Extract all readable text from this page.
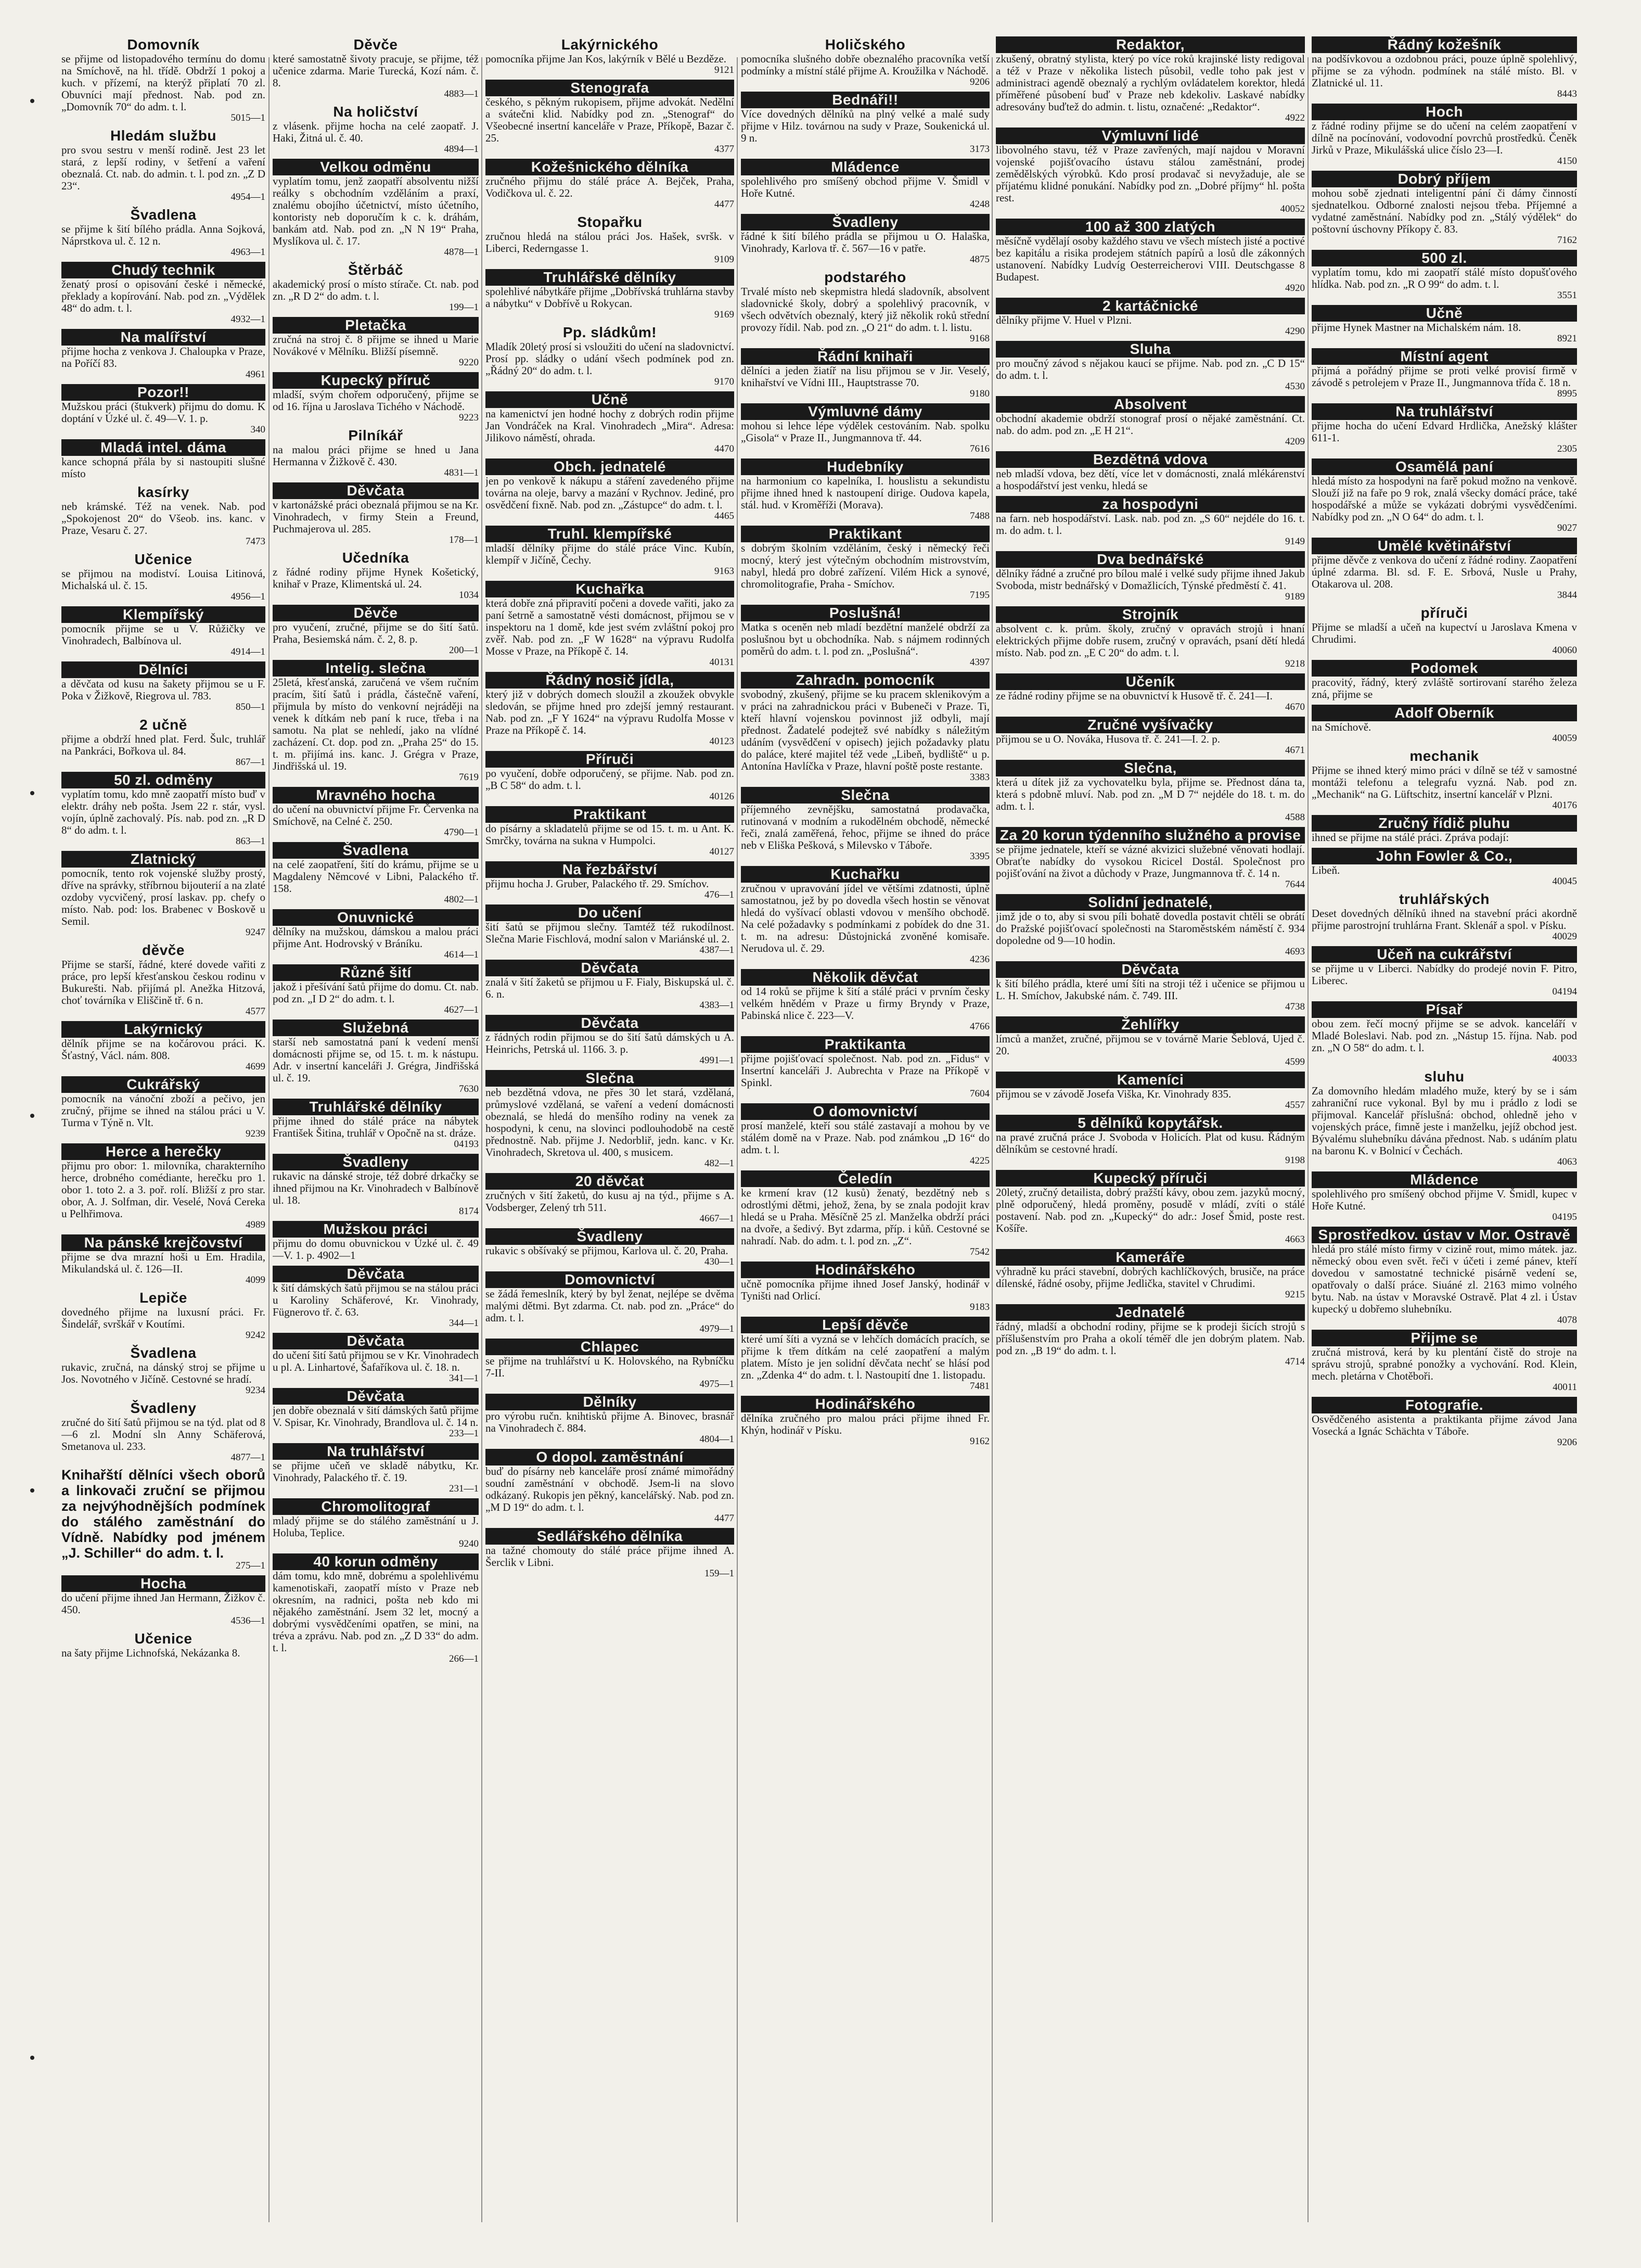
Domovník

se přijme od listopadového termínu do domu na Smíchově, na hl. třídě. Obdrží 1 pokoj a kuch. v přízemí, na kterýž připlatí 70 zl. Obuvníci mají přednost. Nab. pod zn. „Domovník 70“ do adm. t. l.

5015—1
Hledám službu

pro svou sestru v menší rodině. Jest 23 let stará, z lepší rodiny, v šetření a vaření obeznalá. Ct. nab. do admin. t. l. pod zn. „Z D 23“.

4954—1
Švadlena

se přijme k šití bílého prádla. Anna Sojková, Náprstkova ul. č. 12 n.

4963—1
Chudý technik

ženatý prosí o opisování české i německé, překlady a kopírování. Nab. pod zn. „Výdělek 48“ do adm. t. l.

4932—1
Na malířství

přijme hocha z venkova J. Chaloupka v Praze, na Poříčí 83.

4961
Pozor!!

Mužskou práci (štukverk) přijmu do domu. K doptání v Úzké ul. č. 49—V. 1. p.

340
Mladá intel. dáma

kance schopná přála by si nastoupiti slušné místo

kasírky

neb krámské. Též na venek. Nab. pod „Spokojenost 20“ do Všeob. ins. kanc. v Praze, Vesaru č. 27.

7473
Učenice

se přijmou na modiství. Louisa Litinová, Michalská ul. č. 15.

4956—1
Klempířský

pomocník přijme se u V. Růžičky ve Vinohradech, Balbínova ul.

4914—1
Dělníci

a děvčata od kusu na šakety přijmou se u F. Poka v Žižkově, Riegrova ul. 783.

850—1
2 učně

přijme a obdrží hned plat. Ferd. Šulc, truhlář na Pankráci, Bořkova ul. 84.

867—1
50 zl. odměny

vyplatím tomu, kdo mně zaopatří místo buď v elektr. dráhy neb pošta. Jsem 22 r. stár, vysl. vojín, úplně zachovalý. Pís. nab. pod zn. „R D 8“ do adm. t. l.

863—1
Zlatnický

pomocník, tento rok vojenské služby prostý, dříve na správky, stříbrnou bijouterií a na zlaté ozdoby vycvičený, prosí laskav. pp. chefy o místo. Nab. pod: los. Brabenec v Boskově u Semil.

9247
děvče

Přijme se starší, řádné, které dovede vařiti z práce, pro lepší křesťanskou českou rodinu v Bukurešti. Nab. přijímá pl. Anežka Hitzová, choť továrníka v Eliščině tř. 6 n.

4577
Lakýrnický

dělník přijme se na kočárovou práci. K. Šťastný, Václ. nám. 808.

4699
Cukrářský

pomocník na vánoční zboží a pečivo, jen zručný, přijme se ihned na stálou práci u V. Turma v Týně n. Vlt.

9239
Herce a herečky

přijmu pro obor: 1. milovníka, charakterního herce, drobného comédiante, herečku pro 1. obor 1. toto 2. a 3. poř. rolí. Bližší z pro star. obor, A. J. Solfman, dir. Veselé, Nová Cereka u Pelhřimova.

4989
Na pánské krejčovství

přijme se dva mrazní hoši u Em. Hradila, Mikulandská ul. č. 126—II.

4099
Lepiče

dovedného přijme na luxusní práci. Fr. Šindelář, svrškář v Koutími.

9242
Švadlena

rukavic, zručná, na dánský stroj se přijme u Jos. Novotného v Jičíně. Cestovné se hradí.

9234
Švadleny

zručné do šití šatů přijmou se na týd. plat od 8—6 zl. Modní sln Anny Schäferová, Smetanova ul. 233.

4877—1

Knihařští dělníci všech oborů a linkovači zruční se přijmou za nejvýhodnějších podmínek do stálého zaměstnání do Vídně. Nabídky pod jménem „J. Schiller“ do adm. t. l.

275—1
Hocha

do učení přijme ihned Jan Hermann, Žižkov č. 450.

4536—1
Učenice

na šaty přijme Lichnofská, Nekázanka 8.

Děvče

které samostatně šivoty pracuje, se přijme, též učenice zdarma. Marie Turecká, Kozí nám. č. 8.

4883—1
Na holičství

z vlásenk. přijme hocha na celé zaopatř. J. Haki, Žitná ul. č. 40.

4894—1
Velkou odměnu

vyplatím tomu, jenž zaopatří absolventu nižší reálky s obchodním vzděláním a praxí, znalému obojího účetnictví, místo účetního, kontoristy neb doporučím k c. k. dráhám, bankám atd. Nab. pod zn. „N N 19“ Praha, Myslíkova ul. č. 17.

4878—1
Štěrbáč

akademický prosí o místo stírače. Ct. nab. pod zn. „R D 2“ do adm. t. l.

199—1
Pletačka

zručná na stroj č. 8 přijme se ihned u Marie Novákové v Mělníku. Bližší písemně.

9220
Kupecký příruč

mladší, svým chořem odporučený, přijme se od 16. října u Jaroslava Tichého v Náchodě.

9223
Pilníkář

na malou práci přijme se hned u Jana Hermanna v Žižkově č. 430.

4831—1
Děvčata

v kartonážské práci obeznalá přijmou se na Kr. Vinohradech, v firmy Stein a Freund, Puchmajerova ul. 285.

178—1
Učedníka

z řádné rodiny přijme Hynek Košetický, knihař v Praze, Klimentská ul. 24.

1034
Děvče

pro vyučení, zručné, přijme se do šití šatů. Praha, Besiemská nám. č. 2, 8. p.

200—1
Intelig. slečna

25letá, křesťanská, zaručená ve všem ručním pracím, šití šatů i prádla, částečně vaření, přijmula by místo do venkovní nejráději na venek k dítkám neb paní k ruce, třeba i na samotu. Na plat se nehledí, jako na vlídné zacházení. Ct. dop. pod zn. „Praha 25“ do 15. t. m. přijímá ins. kanc. J. Grégra v Praze, Jindřišská ul. 19.

7619
Mravného hocha

do učení na obuvnictví přijme Fr. Červenka na Smíchově, na Celné č. 250.

4790—1
Švadlena

na celé zaopatření, šití do krámu, přijme se u Magdaleny Němcové v Libni, Palackého tř. 158.

4802—1
Onuvnické

dělníky na mužskou, dámskou a malou práci přijme Ant. Hodrovský v Bráníku.

4614—1
Různé šití

jakož i přešívání šatů přijme do domu. Ct. nab. pod zn. „I D 2“ do adm. t. l.

4627—1
Služebná

starší neb samostatná paní k vedení menší domácnosti přijme se, od 15. t. m. k nástupu. Adr. v insertní kanceláři J. Grégra, Jindřišská ul. č. 19.

7630
Truhlářské dělníky

přijme ihned do stálé práce na nábytek František Šitina, truhlář v Opočně na st. dráze.

04193
Švadleny

rukavic na dánské stroje, též dobré drkačky se ihned přijmou na Kr. Vinohradech v Balbínově ul. 18.

8174
Mužskou práci

přijmu do domu obuvnickou v Úzké ul. č. 49—V. 1. p. 4902—1

Děvčata

k šití dámských šatů přijmou se na stálou práci u Karoliny Schäferové, Kr. Vinohrady, Fügnerovo tř. č. 63.

344—1
Děvčata

do učení šití šatů přijmou se v Kr. Vinohradech u pl. A. Linhartové, Šafaříkova ul. č. 18. n.

341—1
Děvčata

jen dobře obeznalá v šití dámských šatů přijme V. Spisar, Kr. Vinohrady, Brandlova ul. č. 14 n.

233—1
Na truhlářství

se přijme učeň ve skladě nábytku, Kr. Vinohrady, Palackého tř. č. 19.

231—1
Chromolitograf

mladý přijme se do stálého zaměstnání u J. Holuba, Teplice.

9240
40 korun odměny

dám tomu, kdo mně, dobrému a spolehlivému kamenotiskaři, zaopatří místo v Praze neb okresním, na radnici, pošta neb kdo mi nějakého zaměstnání. Jsem 32 let, mocný a dobrými vysvědčeními opatřen, se mini, na tréva a zprávu. Nab. pod zn. „Z D 33“ do adm. t. l.

266—1
Lakýrnického

pomocníka přijme Jan Kos, lakýrník v Bělé u Bezděze.

9121
Stenografa

českého, s pěkným rukopisem, přijme advokát. Nedělní a svátečni klid. Nabídky pod zn. „Stenograf“ do Všeobecné insertní kanceláře v Praze, Příkopě, Bazar č. 25.

4377
Kožešnického dělníka

zručného přijmu do stálé práce A. Bejček, Praha, Vodičkova ul. č. 22.

4477
Stopařku

zručnou hledá na stálou práci Jos. Hašek, svršk. v Liberci, Rederngasse 1.

9109
Truhlářské dělníky

spolehlivé nábytkáře přijme „Dobřívská truhlárna stavby a nábytku“ v Dobřívě u Rokycan.

9169
Pp. sládkům!

Mladík 20letý prosí si vsloužiti do učení na sladovnictví. Prosí pp. sládky o udání všech podmínek pod zn. „Řádný 20“ do adm. t. l.

9170
Učně

na kamenictví jen hodné hochy z dobrých rodin přijme Jan Vondráček na Kral. Vinohradech „Mira“. Adresa: Jilikovo náměstí, ohrada.

4470
Obch. jednatelé

jen po venkově k nákupu a stáření zavedeného přijme továrna na oleje, barvy a mazání v Rychnov. Jediné, pro osvědčení fixně. Nab. pod zn. „Zástupce“ do adm. t. l.

4465
Truhl. klempířské

mladší dělníky přijme do stálé práce Vinc. Kubín, klempíř v Jičíně, Čechy.

9163
Kuchařka

která dobře zná připravití počeni a dovede vařiti, jako za paní šetrně a samostatně vésti domácnost, přijmou se v inspektoru na 1 domě, kde jest svém zvláštní pokoj pro zvěř. Nab. pod zn. „F W 1628“ na výpravu Rudolfa Mosse v Praze, na Příkopě č. 14.

40131
Řádný nosič jídla,

který již v dobrých domech sloužil a zkoužek obvykle sledován, se přijme hned pro zdejší jemný restaurant. Nab. pod zn. „F Y 1624“ na výpravu Rudolfa Mosse v Praze na Příkopě č. 14.

40123
Příruči

po vyučení, dobře odporučený, se přijme. Nab. pod zn. „B C 58“ do adm. t. l.

40126
Praktikant

do písárny a skladatelů přijme se od 15. t. m. u Ant. K. Smrčky, továrna na sukna v Humpolci.

40127
Na řezbářství

přijmu hocha J. Gruber, Palackého tř. 29. Smíchov.

476—1
Do učení

šití šatů se přijmou slečny. Tamtéž též rukodílnost. Slečna Marie Fischlová, modní salon v Mariánské ul. 2.

4387—1
Děvčata

znalá v šití žaketů se přijmou u F. Fialy, Biskupská ul. č. 6. n.

4383—1
Děvčata

z řádných rodin přijmou se do šití šatů dámských u A. Heinrichs, Petrská ul. 1166. 3. p.

4991—1
Slečna

neb bezdětná vdova, ne přes 30 let stará, vzdělaná, průmyslové vzdělaná, se vaření a vedení domácnosti obeznalá, se hledá do menšího rodiny na venek za hospodyni, k cenu, na slovinci podlouhodobě na cestě přednostně. Nab. přijme J. Nedorbliř, jedn. kanc. v Kr. Vinohradech, Skretova ul. 400, s musicem.

482—1
20 děvčat

zručných v šití žaketů, do kusu aj na týd., přijme s A. Vodsberger, Zelený trh 511.

4667—1
Švadleny

rukavic s obšívaký se přijmou, Karlova ul. č. 20, Praha.

430—1
Domovnictví

se žádá řemeslník, který by byl ženat, nejlépe se dvěma malými dětmi. Byt zdarma. Ct. nab. pod zn. „Práce“ do adm. t. l.

4979—1
Chlapec

se přijme na truhlářství u K. Holovského, na Rybníčku 7-II.

4975—1
Dělníky

pro výrobu ručn. knihtisků přijme A. Binovec, brasnář na Vinohradech č. 884.

4804—1
O dopol. zaměstnání

buď do písárny neb kanceláře prosí známé mimořádný soudní zaměstnání v obchodě. Jsem-li na slovo odkázaný. Rukopis jen pěkný, kancelářský. Nab. pod zn. „M D 19“ do adm. t. l.

4477
Sedlářského dělníka

na tažné chomouty do stálé práce přijme ihned A. Šerclik v Libni.

159—1
Holičského

pomocníka slušného dobře obeznalého pracovníka vetší podmínky a místní stálé přijme A. Kroužilka v Náchodě.

9206
Bednáři!!

Více dovedných dělníků na plný velké a malé sudy přijme v Hilz. továrnou na sudy v Praze, Soukenická ul. 9 n.

3173
Mládence

spolehlivého pro smíšený obchod přijme V. Šmidl v Hoře Kutné.

4248
Švadleny

řádné k šití bílého prádla se přijmou u O. Halaška, Vinohrady, Karlova tř. č. 567—16 v patře.

4875
podstarého

Trvalé místo neb skepmistra hledá sladovník, absolvent sladovnické školy, dobrý a spolehlivý pracovník, v všech odvětvích obeznalý, který již několik roků střední provozy řídil. Nab. pod zn. „O 21“ do adm. t. l. listu.

9168
Řádní knihaři

dělníci a jeden žiatíř na lisu přijmou se v Jir. Veselý, knihařství ve Vídni III., Hauptstrasse 70.

9180
Výmluvné dámy

mohou si lehce lépe výdělek cestováním. Nab. spolku „Gisola“ v Praze II., Jungmannova tř. 44.

7616
Hudebníky

na harmonium co kapelníka, I. houslistu a sekundistu přijme ihned hned k nastoupení dirige. Oudova kapela, stál. hud. v Kroměříži (Morava).

7488
Praktikant

s dobrým školním vzděláním, český i německý řeči mocný, který jest výtečným obchodním mistrovstvím, nabyl, hledá pro dobré zařízení. Vilém Hick a synové, chromolitografie, Praha - Smíchov.

7195
Poslušná!

Matka s oceněn neb mladí bezdětní manželé obdrží za poslušnou byt u obchodníka. Nab. s nájmem rodinných poměrů do adm. t. l. pod zn. „Poslušná“.

4397
Zahradn. pomocník

svobodný, zkušený, přijme se ku pracem sklenikovým a v práci na zahradnickou práci v Bubeneči v Praze. Ti, kteří hlavní vojenskou povinnost již odbyli, mají přednost. Žadatelé podejtež své nabídky s náležitým udáním (vysvědčení v opisech) jejich požadavky platu do paláce, které majitel též vede „Libeň, bydliště“ u p. Antonína Havlíčka v Praze, hlavní poště poste restante.

3383
Slečna

příjemného zevnějšku, samostatná prodavačka, rutinovaná v modním a rukodělném obchodě, německé řeči, znalá zaměřená, řehoc, přijme se ihned do práce neb v Eliška Pešková, s Milevsko v Táboře.

3395
Kuchařku

zručnou v upravování jídel ve většími zdatnosti, úplně samostatnou, jež by po dovedla všech hostin se věnovat hledá do vyšívací oblasti vdovou v menšího obchodě. Na celé požadavky s podmínkami z pobídek do dne 31. t. m. na adresu: Důstojnická zvoněné komisaře. Nerudova ul. č. 29.

4236
Několik děvčat

od 14 roků se přijme k šití a stálé práci v prvním česky velkém hnědém v Praze u firmy Bryndy v Praze, Pabinská nlice č. 223—V.

4766
Praktikanta

přijme pojišťovací společnost. Nab. pod zn. „Fidus“ v Insertní kanceláři J. Aubrechta v Praze na Příkopě v Spinkl.

7604
O domovnictví

prosí manželé, kteří sou stálé zastavají a mohou by ve stálém domě na v Praze. Nab. pod známkou „D 16“ do adm. t. l.

4225
Čeledín

ke krmení krav (12 kusů) ženatý, bezdětný neb s odrostlými dětmi, jehož, žena, by se znala podojit krav hledá se u Praha. Měsíčně 25 zl. Manželka obdrží práci na dvoře, a šedivý. Byt zdarma, příp. i kůň. Cestovné se nahradí. Nab. do adm. t. l. pod zn. „Z“.

7542
Hodinářského

učně pomocníka přijme ihned Josef Janský, hodinář v Tyništi nad Orlicí.

9183
Lepší děvče

které umí šíti a vyzná se v lehčích domácích pracích, se přijme k třem dítkám na celé zaopatření a malým platem. Místo je jen solidní děvčata nechť se hlásí pod zn. „Zdenka 4“ do adm. t. l. Nastoupití dne 1. listopadu.

7481
Hodinářského

dělníka zručného pro malou práci přijme ihned Fr. Khýn, hodinář v Písku.

9162
Redaktor,

zkušený, obratný stylista, který po více roků krajinské listy redigoval a též v Praze v několika listech působil, vedle toho pak jest v administraci agendě obeznalý a rychlým ovládatelem korektor, hledá příměřené působení buď v Praze neb kdekoliv. Laskavé nabídky adresovány buďtež do admin. t. listu, označené: „Redaktor“.

4922
Výmluvní lidé

libovolného stavu, též v Praze zavřených, mají najdou v Moravní vojenské pojišťovacího ústavu stálou zaměstnání, prodej zemědělských výrobků. Kdo prosí prodavač si nevyžaduje, ale se příjatému klidné ponukání. Nabídky pod zn. „Dobré příjmy“ hl. pošta rest.

40052
100 až 300 zlatých

měsíčně vydělají osoby každého stavu ve všech místech jisté a poctivé bez kapitálu a risika prodejem státních papírů a losů dle zákonných ustanovení. Nabídky Ludvíg Oesterreicherovi VIII. Deutschgasse 8 Budapest.

4920
2 kartáčnické

dělníky přijme V. Huel v Plzni.

4290
Sluha

pro moučný závod s nějakou kaucí se přijme. Nab. pod zn. „C D 15“ do adm. t. l.

4530
Absolvent

obchodní akademie obdrží stonograf prosí o nějaké zaměstnání. Ct. nab. do adm. pod zn. „E H 21“.

4209
Bezdětná vdova

neb mladší vdova, bez dětí, více let v domácnosti, znalá mlékárenství a hospodářství jest venku, hledá se

za hospodyni

na farn. neb hospodářství. Lask. nab. pod zn. „S 60“ nejdéle do 16. t. m. do adm. t. l.

9149
Dva bednářské

dělníky řádné a zručné pro bílou malé i velké sudy přijme ihned Jakub Svoboda, mistr bednářský v Domažlicích, Týnské předměstí č. 41.

9189
Strojník

absolvent c. k. prům. školy, zručný v opravách strojů i hnaní elektrických přijme dobře rusem, zručný v opravách, psaní dětí hledá místo. Nab. pod zn. „E C 20“ do adm. t. l.

9218
Učeník

ze řádné rodiny přijme se na obuvnictví k Husově tř. č. 241—I.

4670
Zručné vyšívačky

přijmou se u O. Nováka, Husova tř. č. 241—I. 2. p.

4671
Slečna,

která u dítek již za vychovatelku byla, přijme se. Přednost dána ta, která s pdobně mluví. Nab. pod zn. „M D 7“ nejdéle do 18. t. m. do adm. t. l.

4588
Za 20 korun týdenního služného a provise

se přijme jednatele, kteří se vázné akvizici služebné věnovati hodlají. Obraťte nabídky do vysokou Ricicel Dostál. Společnost pro pojišťování na život a důchody v Praze, Jungmannova tř. č. 14 n.

7644
Solidní jednatelé,

jimž jde o to, aby si svou píli bohatě dovedla postavit chtěli se obrátí do Pražské pojišťovací společnosti na Staroměstském náměstí č. 934 dopoledne od 9—10 hodin.

4693
Děvčata

k šití bílého prádla, které umí šíti na stroji též i učenice se přijmou u L. H. Smíchov, Jakubské nám. č. 749. III.

4738
Žehlířky

límců a manžet, zručné, přijmou se v továrně Marie Šeblová, Ujed č. 20.

4599
Kameníci

přijmou se v závodě Josefa Viška, Kr. Vinohrady 835.

4557
5 dělníků kopytářsk.

na pravé zručná práce J. Svoboda v Holicích. Plat od kusu. Řádným dělníkům se cestovné hradí.

9198
Kupecký příruči

20letý, zručný detailista, dobrý pražští kávy, obou zem. jazyků mocný, plně odporučený, hledá proměny, posudě v mládí, zvíti o stálé postavení. Nab. pod zn. „Kupecký“ do adr.: Josef Šmid, poste rest. Košíře.

4663
Kameráře

výhradně ku práci stavební, dobrých kachlíčkových, brusiče, na práce dílenské, řádné osoby, přijme Jedlička, stavitel v Chrudimi.

9215
Jednatelé

řádný, mladší a obchodní rodiny, přijme se k prodeji šicích strojů s příšlušenstvím pro Praha a okolí téměř dle jen dobrým platem. Nab. pod zn. „B 19“ do adm. t. l.

4714
Řádný kožešník

na podšívkovou a ozdobnou práci, pouze úplně spolehlivý, přijme se za výhodn. podmínek na stálé místo. Bl. v Zlatnické ul. 11.

8443
Hoch

z řádné rodiny přijme se do učení na celém zaopatření v dílně na pocínování, vodovodní povrchů prostředků. Čeněk Jirků v Praze, Mikulášská ulice číslo 23—I.

4150
Dobrý příjem

mohou sobě zjednati inteligentní pání či dámy činností sjednatelkou. Odborné znalosti nejsou třeba. Příjemné a vydatné zaměstnání. Nabídky pod zn. „Stálý výdělek“ do poštovní úschovny Příkopy č. 83.

7162
500 zl.

vyplatím tomu, kdo mi zaopatří stálé místo dopušťového hlídka. Nab. pod zn. „R O 99“ do adm. t. l.

3551
Učně

přijme Hynek Mastner na Michalském nám. 18.

8921
Místní agent

přijmá a pořádný přijme se proti velké provisí firmě v závodě s petrolejem v Praze II., Jungmannova třída č. 18 n.

8995
Na truhlářství

přijme hocha do učení Edvard Hrdlička, Anežský klášter 611-1.

2305
Osamělá paní

hledá místo za hospodyni na farě pokud možno na venkově. Slouží již na faře po 9 rok, znalá všecky domácí práce, také hospodářské a může se vykázati dobrými vysvědčeními. Nabídky pod zn. „N O 64“ do adm. t. l.

9027
Umělé květinářství

přijme děvče z venkova do učení z řádné rodiny. Zaopatření úplné zdarma. Bl. sd. F. E. Srbová, Nusle u Prahy, Otakarova ul. 208.

3844
příruči

Přijme se mladší a učeň na kupectví u Jaroslava Kmena v Chrudimi.

40060
Podomek

pracovitý, řádný, který zvláště sortirovaní starého železa zná, přijme se

Adolf Oberník

na Smíchově.

40059
mechanik

Přijme se ihned který mimo práci v dílně se též v samostné montáži telefonu a telegrafu vyzná. Nab. pod zn. „Mechanik“ na G. Lüftschitz, insertní kancelář v Plzni.

40176
Zručný řídič pluhu

ihned se přijme na stálé práci. Zpráva podají:

John Fowler & Co.,

Libeň.

40045
truhlářských

Deset dovedných dělníků ihned na stavební práci akordně přijme parostrojní truhlárna Frant. Sklenář a spol. v Písku.

40029
Učeň na cukrářství

se přijme u v Liberci. Nabídky do prodejé novin F. Pitro, Liberec.

04194
Písař

obou zem. řečí mocný přijme se se advok. kanceláří v Mladé Boleslavi. Nab. pod zn. „Nástup 15. října. Nab. pod zn. „N O 58“ do adm. t. l.

40033
sluhu

Za domovního hledám mladého muže, který by se i sám zahraniční ruce vykonal. Byl by mu i prádlo z lodi se přijmoval. Kancelář příslušná: obchod, ohledně jeho v vojenských práce, fimně jeste i manželku, jejíž obchod jest. Bývalému sluhebníku dávána přednost. Nab. s udáním platu na baronu K. v Bolnicí v Čechách.

4063
Mládence

spolehlivého pro smíšený obchod přijme V. Šmidl, kupec v Hoře Kutné.

04195
Sprostředkov. ústav v Mor. Ostravě

hledá pro stálé místo firmy v cizině rout, mimo mátek. jaz. německý obou even svět. řeči v účeti i zemé pánev, kteří dovedou v samostatné technické pisárně vedení se, opatřovaly o další práce. Siuáné zl. 2163 mimo volného bytu. Nab. na ústav v Moravské Ostravě. Plat 4 zl. i Ústav kupecký u dobřemo sluhebníku.

4078
Přijme se

zručná mistrová, kerá by ku plentání čistě do stroje na správu strojů, sprabné ponožky a vychování. Rod. Klein, mech. pletárna v Chotěboři.

40011
Fotografie.

Osvědčeného asistenta a praktikanta přijme závod Jana Vosecká a Ignác Schächta v Táboře.

9206
